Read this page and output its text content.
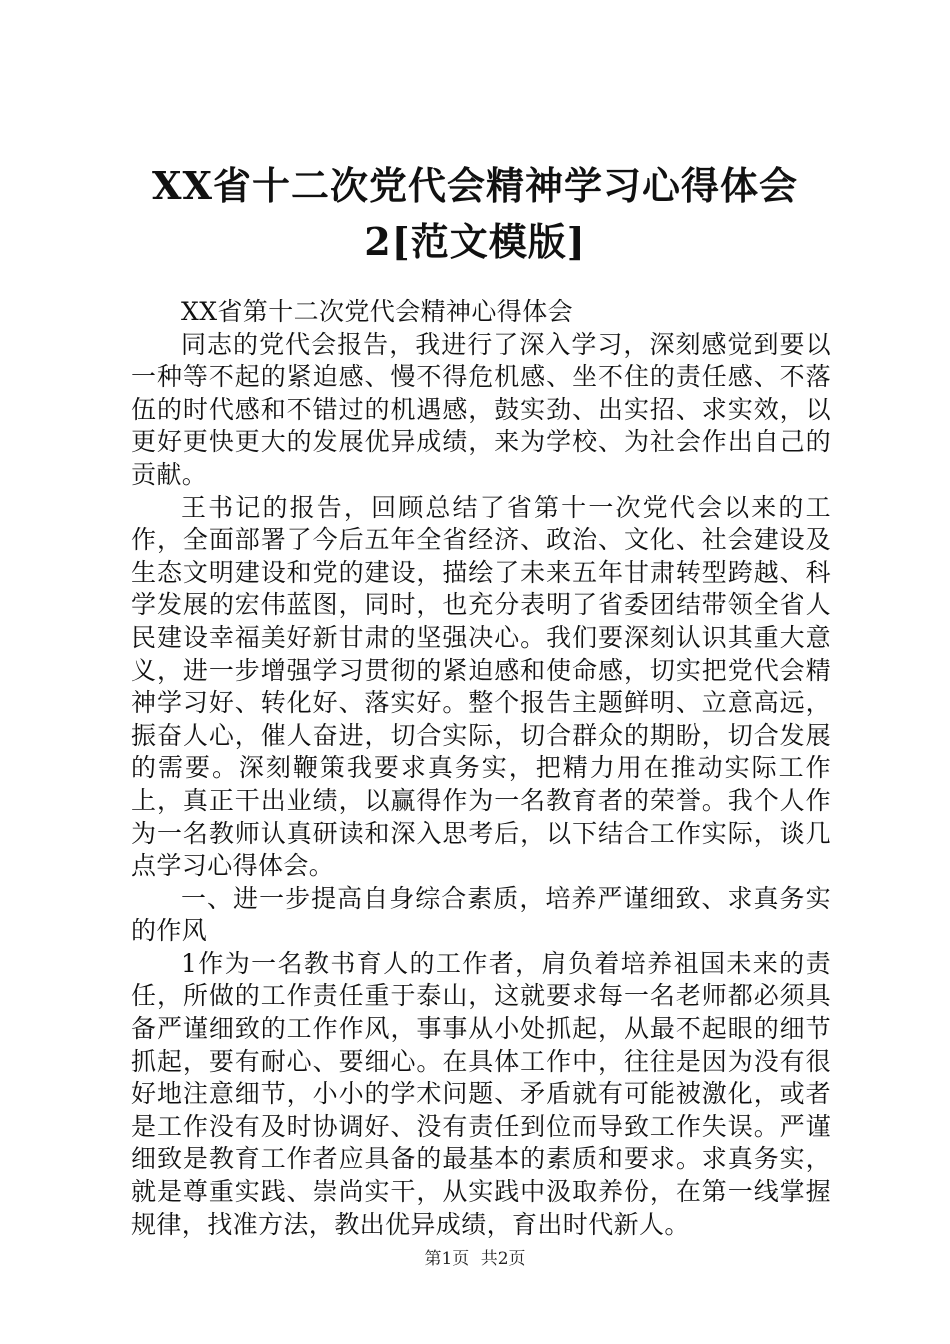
XX省十二次党代会精神学习心得体会2[范文模版]

XX省第十二次党代会精神心得体会

同志的党代会报告，我进行了深入学习，深刻感觉到要以一种等不起的紧迫感、慢不得危机感、坐不住的责任感、不落伍的时代感和不错过的机遇感，鼓实劲、出实招、求实效，以更好更快更大的发展优异成绩，来为学校、为社会作出自己的贡献。

王书记的报告，回顾总结了省第十一次党代会以来的工作，全面部署了今后五年全省经济、政治、文化、社会建设及生态文明建设和党的建设，描绘了未来五年甘肃转型跨越、科学发展的宏伟蓝图，同时，也充分表明了省委团结带领全省人民建设幸福美好新甘肃的坚强决心。我们要深刻认识其重大意义，进一步增强学习贯彻的紧迫感和使命感，切实把党代会精神学习好、转化好、落实好。整个报告主题鲜明、立意高远，振奋人心，催人奋进，切合实际，切合群众的期盼，切合发展的需要。深刻鞭策我要求真务实，把精力用在推动实际工作上，真正干出业绩，以赢得作为一名教育者的荣誉。我个人作为一名教师认真研读和深入思考后，以下结合工作实际，谈几点学习心得体会。

一、进一步提高自身综合素质，培养严谨细致、求真务实的作风

1作为一名教书育人的工作者，肩负着培养祖国未来的责任，所做的工作责任重于泰山，这就要求每一名老师都必须具备严谨细致的工作作风，事事从小处抓起，从最不起眼的细节抓起，要有耐心、要细心。在具体工作中，往往是因为没有很好地注意细节，小小的学术问题、矛盾就有可能被激化，或者是工作没有及时协调好、没有责任到位而导致工作失误。严谨细致是教育工作者应具备的最基本的素质和要求。求真务实，就是尊重实践、崇尚实干，从实践中汲取养份，在第一线掌握规律，找准方法，教出优异成绩，育出时代新人。

第1页 共2页
